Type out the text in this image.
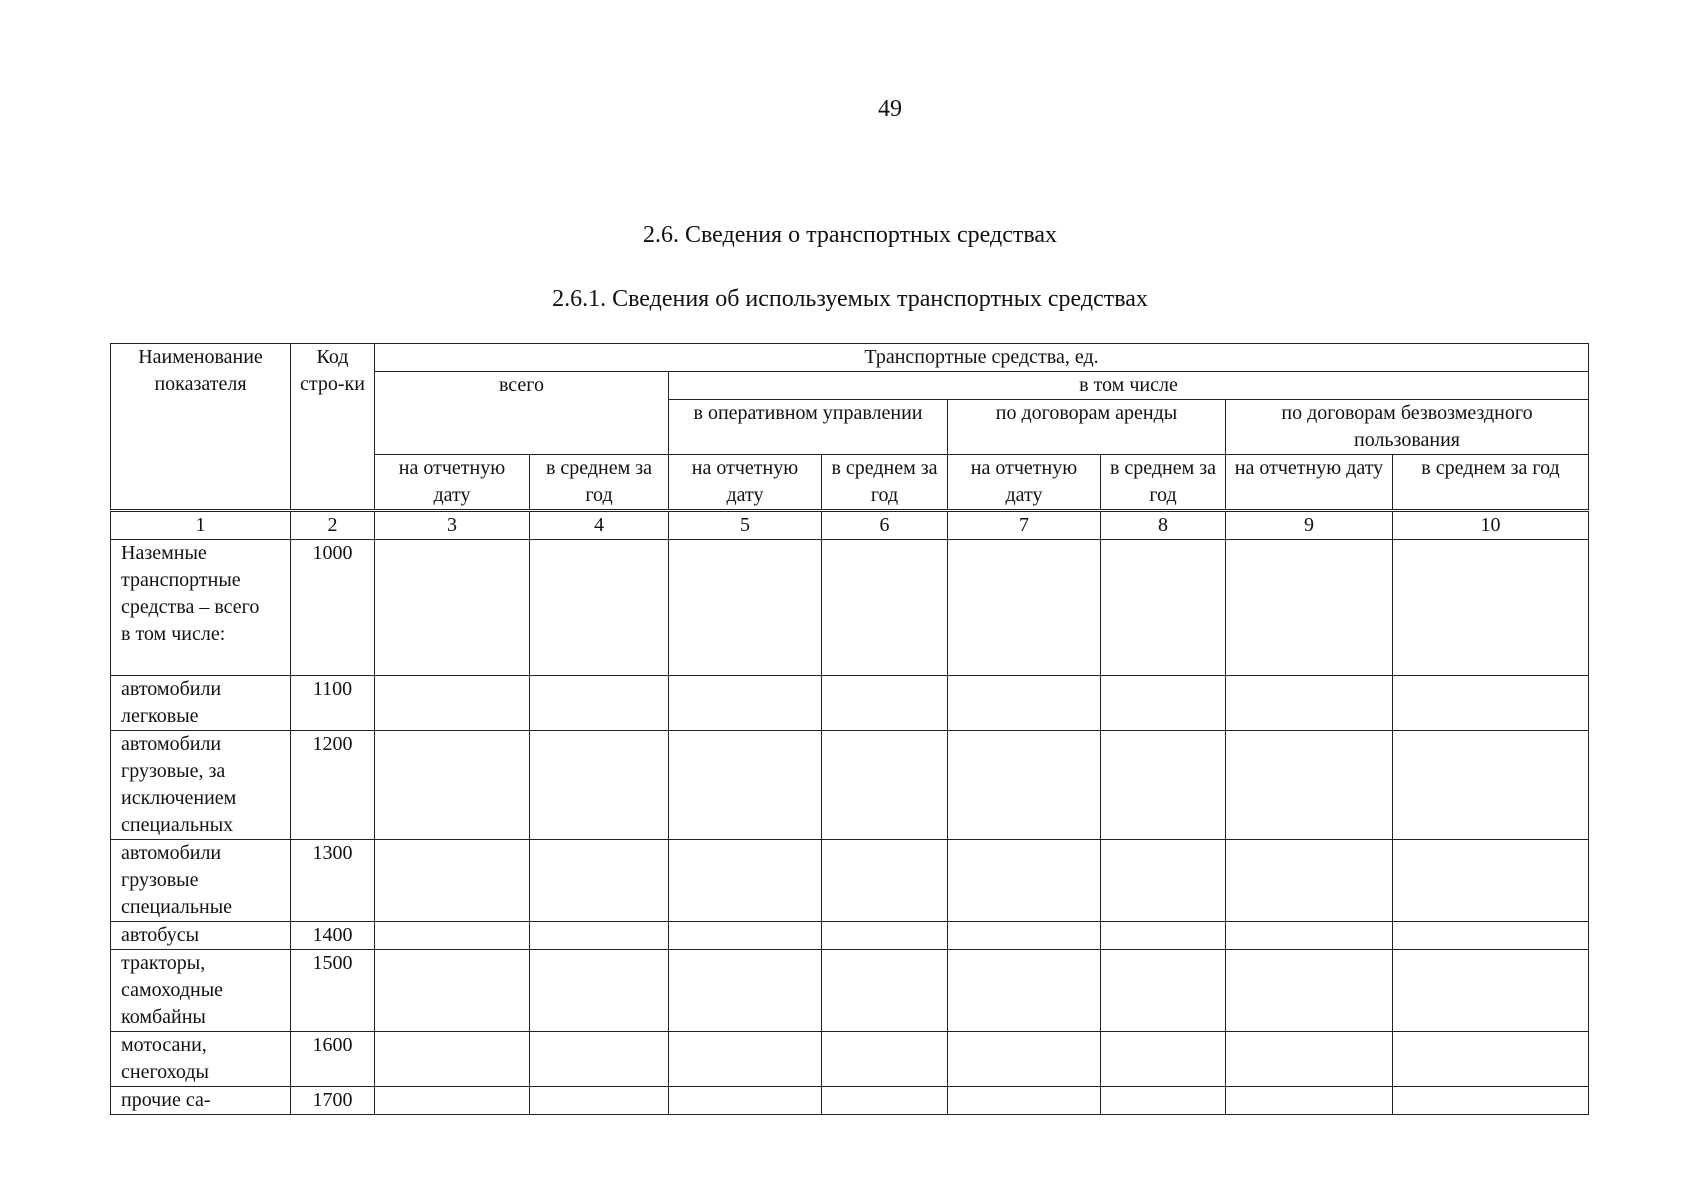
49
2.6. Сведения о транспортных средствах
2.6.1. Сведения об используемых транспортных средствах
Наименование показателя	Код стро-ки	Транспортные средства, ед.							
		всего		в том числе					
				в оперативном управлении		по договорам аренды		по договорам безвозмездного пользования	
		на отчетную дату	в среднем за год	на отчетную дату	в среднем за год	на отчетную дату	в среднем за год	на отчетную дату	в среднем за год
1	2	3	4	5	6	7	8	9	10
Наземные транспортные средства – всего
в том числе:	1000								
автомобили легковые	1100								
автомобили грузовые, за исключением специальных	1200								
автомобили грузовые специальные	1300								
автобусы	1400								
тракторы, самоходные комбайны	1500								
мотосани, снегоходы	1600								
прочие са-	1700								
